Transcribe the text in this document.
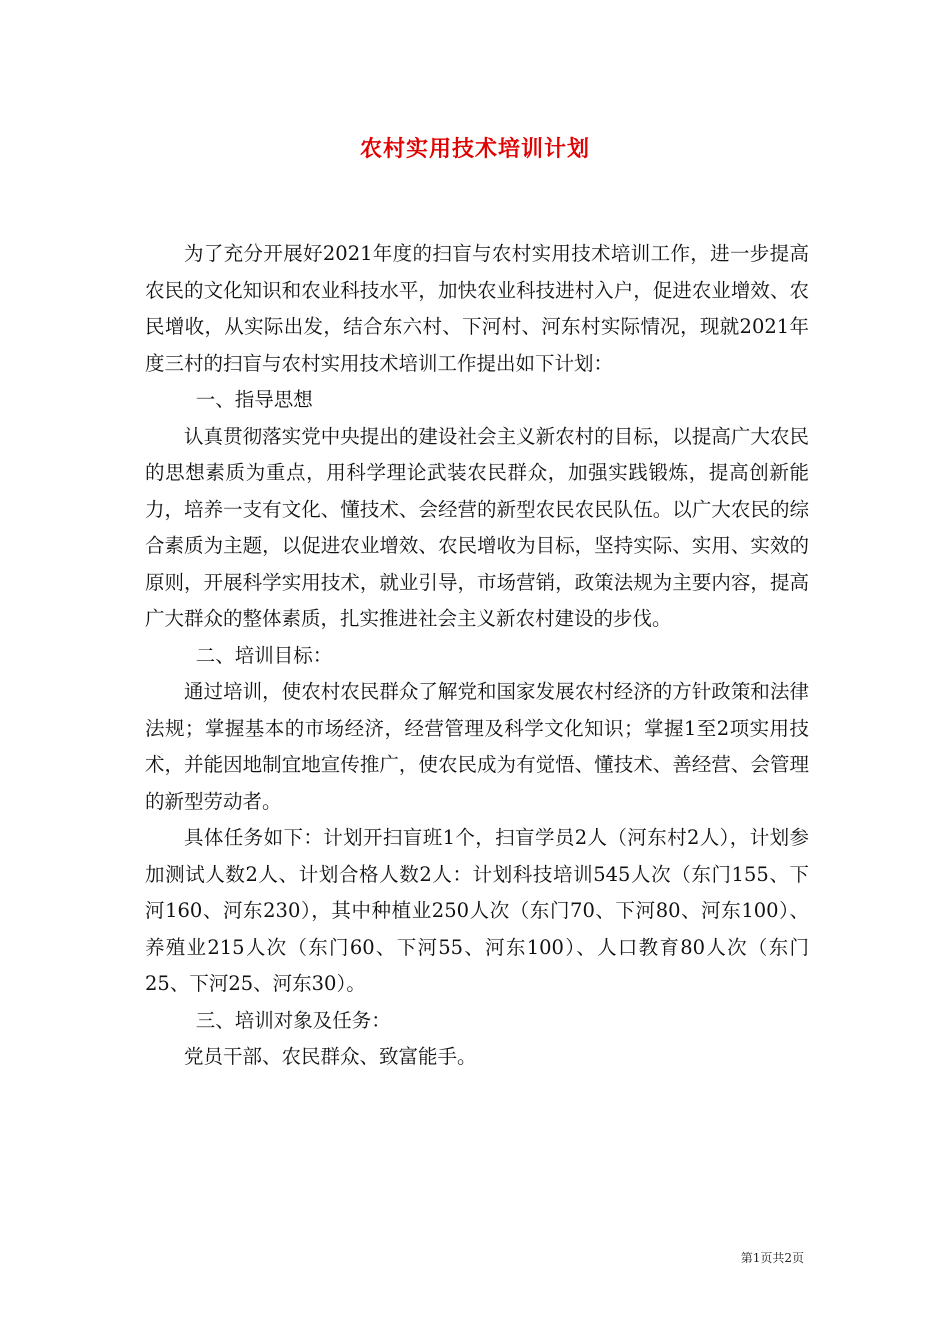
农村实用技术培训计划

为了充分开展好2021年度的扫盲与农村实用技术培训工作，进一步提高农民的文化知识和农业科技水平，加快农业科技进村入户，促进农业增效、农民增收，从实际出发，结合东六村、下河村、河东村实际情况，现就2021年度三村的扫盲与农村实用技术培训工作提出如下计划：

一、指导思想

认真贯彻落实党中央提出的建设社会主义新农村的目标，以提高广大农民的思想素质为重点，用科学理论武装农民群众，加强实践锻炼，提高创新能力，培养一支有文化、懂技术、会经营的新型农民农民队伍。以广大农民的综合素质为主题，以促进农业增效、农民增收为目标，坚持实际、实用、实效的原则，开展科学实用技术，就业引导，市场营销，政策法规为主要内容，提高广大群众的整体素质，扎实推进社会主义新农村建设的步伐。

二、培训目标：

通过培训，使农村农民群众了解党和国家发展农村经济的方针政策和法律法规；掌握基本的市场经济，经营管理及科学文化知识；掌握1至2项实用技术，并能因地制宜地宣传推广，使农民成为有觉悟、懂技术、善经营、会管理的新型劳动者。

具体任务如下：计划开扫盲班1个，扫盲学员2人（河东村2人），计划参加测试人数2人、计划合格人数2人：计划科技培训545人次（东门155、下河160、河东230），其中种植业250人次（东门70、下河80、河东100）、养殖业215人次（东门60、下河55、河东100）、人口教育80人次（东门25、下河25、河东30）。

三、培训对象及任务：

党员干部、农民群众、致富能手。

第1页共2页
